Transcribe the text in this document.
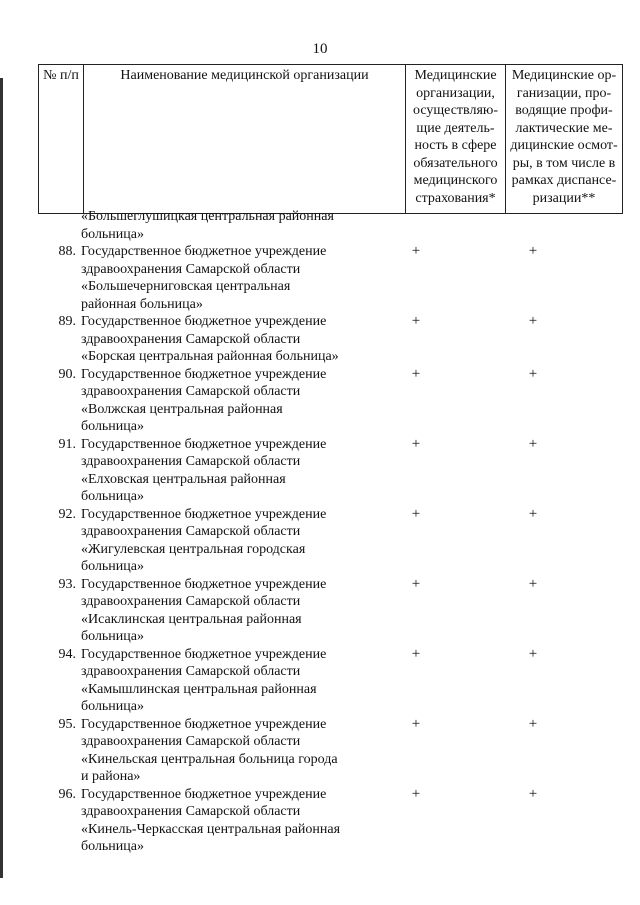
10
№ п/п	Наименование медицинской организации	Медицинские организации, осуществляю-щие деятель-ность в сфере обязательного медицинского страхования*	Медицинские ор-ганизации, про-водящие профи-лактические ме-дицинские осмот-ры, в том числе в рамках диспансе-ризации**
«Большеглушицкая центральная районная
больница»
88. Государственное бюджетное учреждение
здравоохранения Самарской области
«Большечерниговская центральная
районная больница»
+	+
89. Государственное бюджетное учреждение
здравоохранения Самарской области
«Борская центральная районная больница»
+	+
90. Государственное бюджетное учреждение
здравоохранения Самарской области
«Волжская центральная районная
больница»
+	+
91. Государственное бюджетное учреждение
здравоохранения Самарской области
«Елховская центральная районная
больница»
+	+
92. Государственное бюджетное учреждение
здравоохранения Самарской области
«Жигулевская центральная городская
больница»
+	+
93. Государственное бюджетное учреждение
здравоохранения Самарской области
«Исаклинская центральная районная
больница»
+	+
94. Государственное бюджетное учреждение
здравоохранения Самарской области
«Камышлинская центральная районная
больница»
+	+
95. Государственное бюджетное учреждение
здравоохранения Самарской области
«Кинельская центральная больница города
и района»
+	+
96. Государственное бюджетное учреждение
здравоохранения Самарской области
«Кинель-Черкасская центральная районная
больница»
+	+
